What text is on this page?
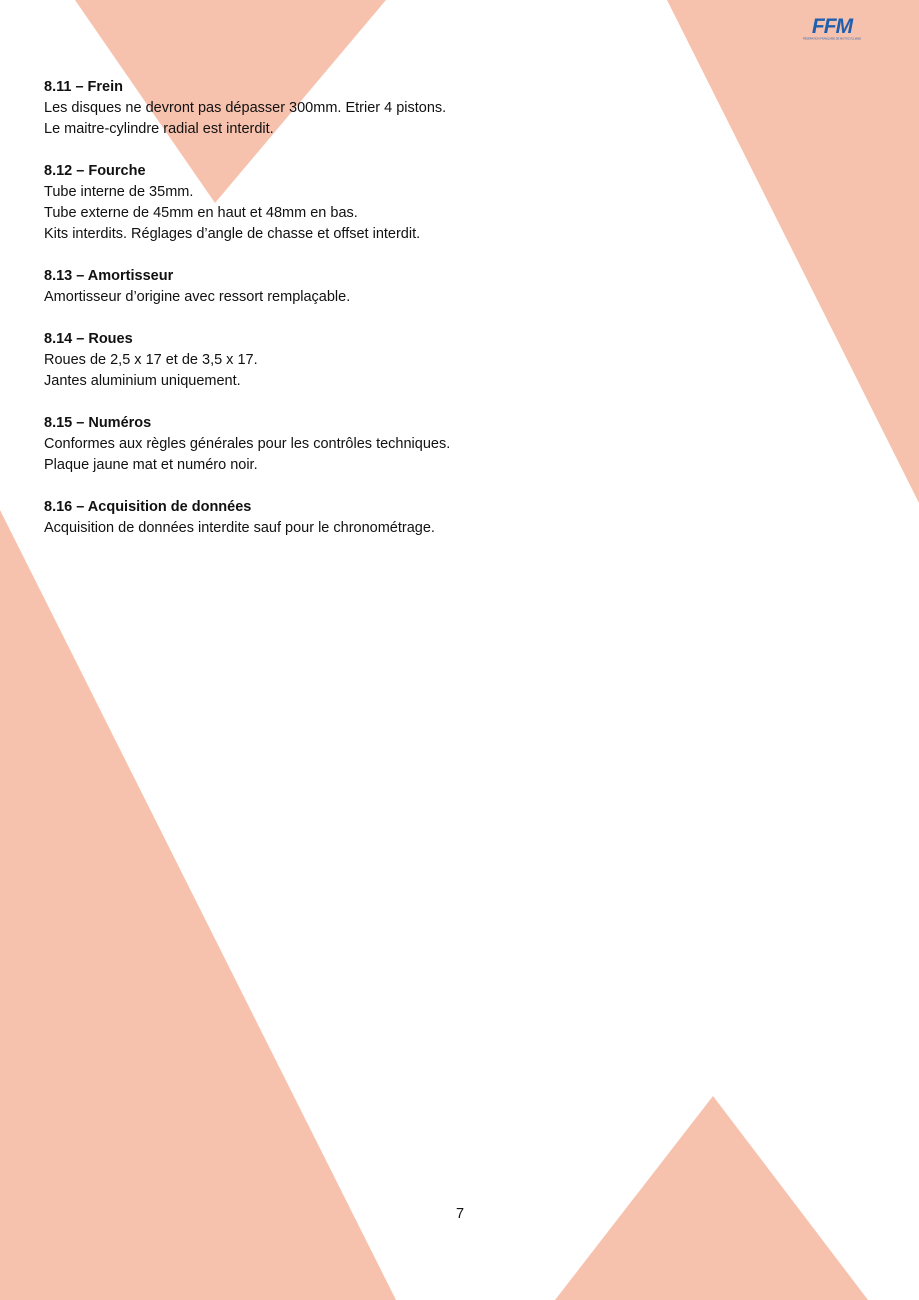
FFM
FÉDÉRATION FRANÇAISE DE MOTOCYCLISME

8.11 – Frein

Les disques ne devront pas dépasser 300mm. Etrier 4 pistons.

Le maitre-cylindre radial est interdit.

8.12 – Fourche

Tube interne de 35mm.

Tube externe de 45mm en haut et 48mm en bas.

Kits interdits. Réglages d’angle de chasse et offset interdit.

8.13 – Amortisseur

Amortisseur d’origine avec ressort remplaçable.

8.14 – Roues

Roues de 2,5 x 17 et de 3,5 x 17.

Jantes aluminium uniquement.

8.15 – Numéros

Conformes aux règles générales pour les contrôles techniques.

Plaque jaune mat et numéro noir.

8.16 – Acquisition de données

Acquisition de données interdite sauf pour le chronométrage.

7
